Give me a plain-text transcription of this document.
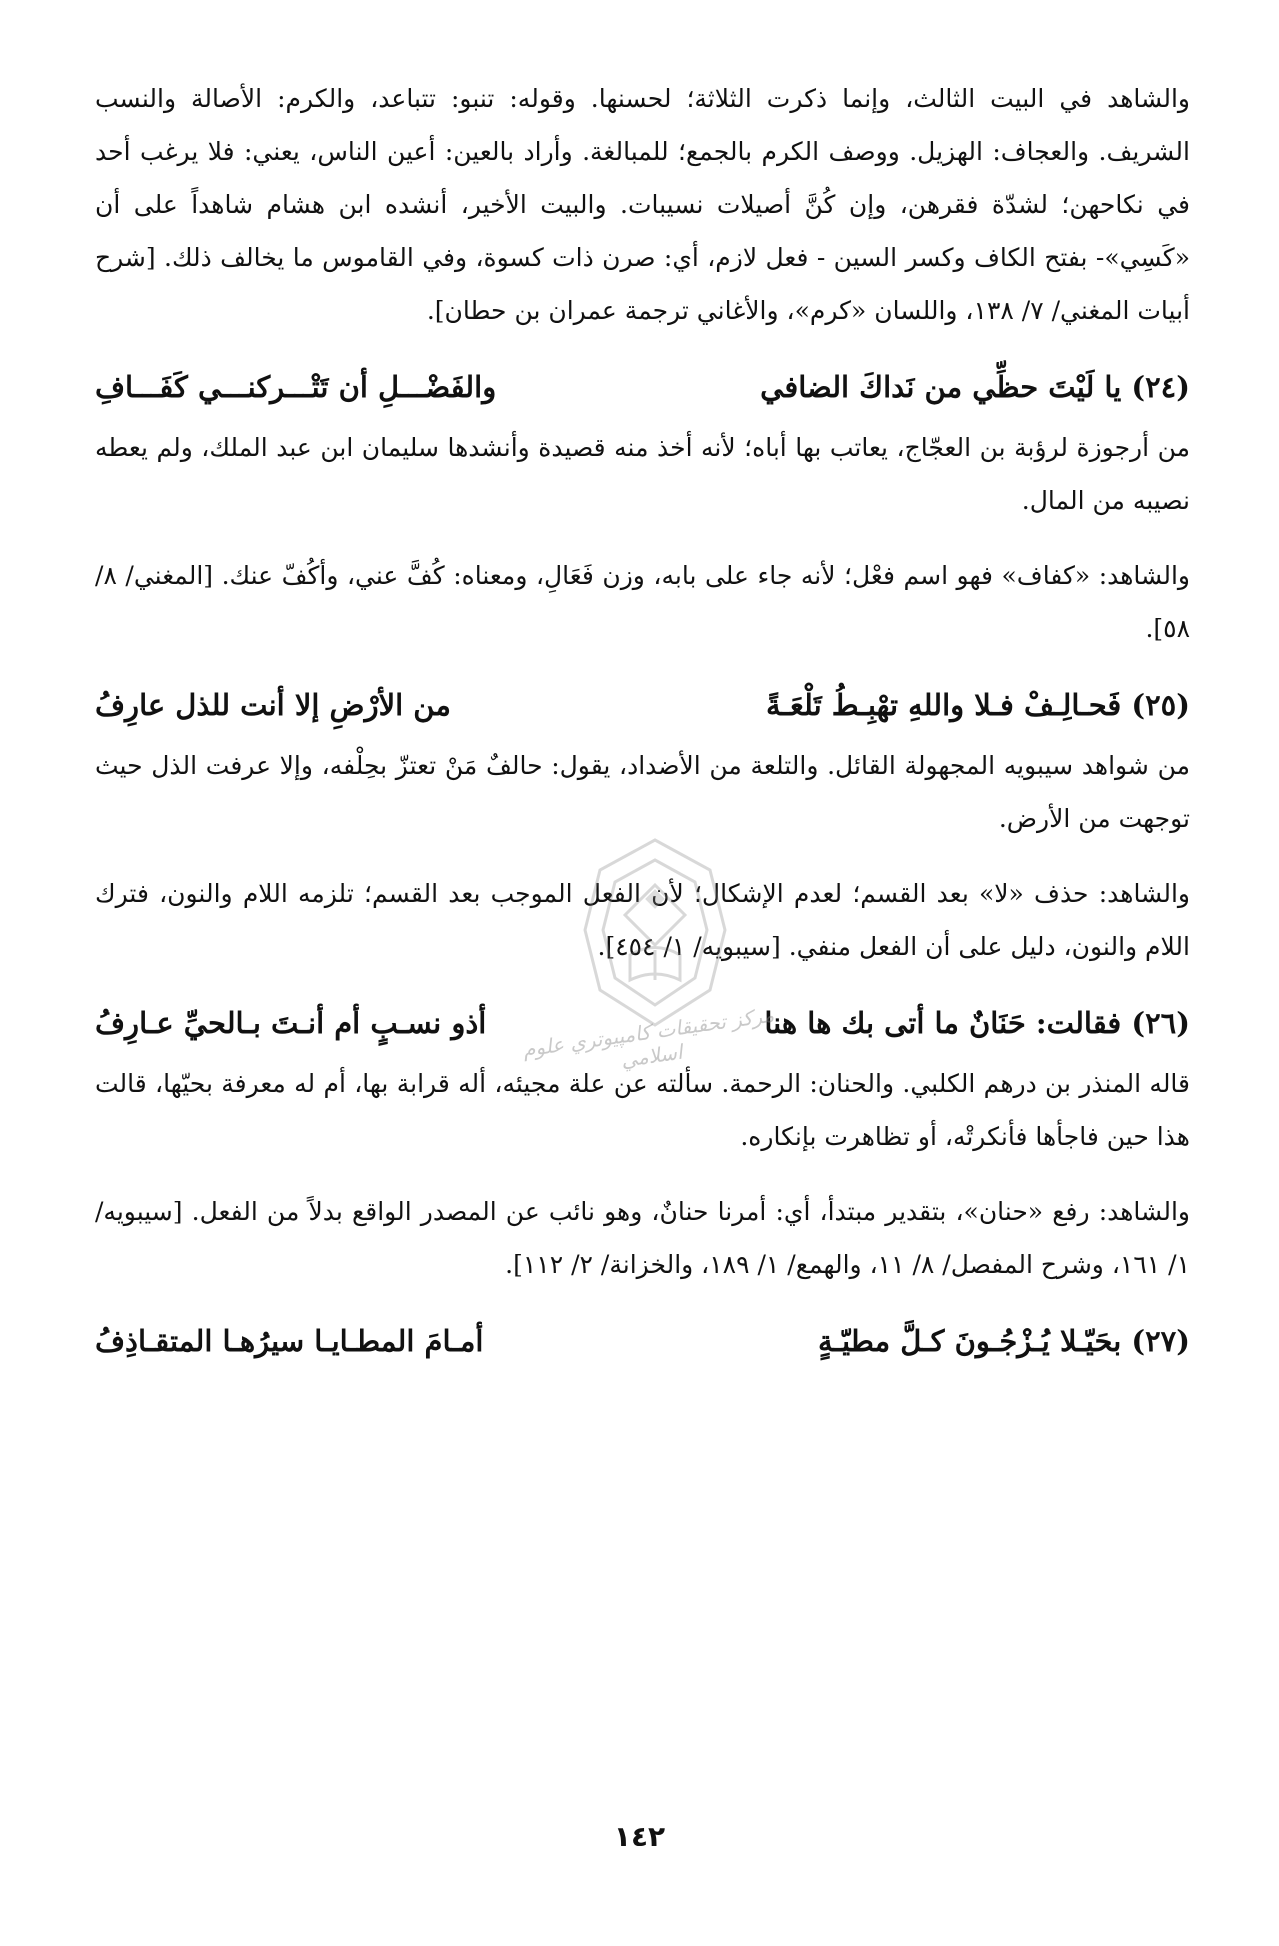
والشاهد في البيت الثالث، وإنما ذكرت الثلاثة؛ لحسنها. وقوله: تنبو: تتباعد، والكرم: الأصالة والنسب الشريف. والعجاف: الهزيل. ووصف الكرم بالجمع؛ للمبالغة. وأراد بالعين: أعين الناس، يعني: فلا يرغب أحد في نكاحهن؛ لشدّة فقرهن، وإن كُنَّ أصيلات نسيبات. والبيت الأخير، أنشده ابن هشام شاهداً على أن «كَسِي»- بفتح الكاف وكسر السين - فعل لازم، أي: صرن ذات كسوة، وفي القاموس ما يخالف ذلك. [شرح أبيات المغني/ ٧/ ١٣٨، واللسان «كرم»، والأغاني ترجمة عمران بن حطان].

(٢٤) يا لَيْتَ حظِّي من نَداكَ الضافي
والفَضْـــلِ أن تَتْـــركنـــي كَفَـــافِ

من أرجوزة لرؤبة بن العجّاج، يعاتب بها أباه؛ لأنه أخذ منه قصيدة وأنشدها سليمان ابن عبد الملك، ولم يعطه نصيبه من المال.

والشاهد: «كفاف» فهو اسم فعْل؛ لأنه جاء على بابه، وزن فَعَالِ، ومعناه: كُفَّ عني، وأكُفّ عنك. [المغني/ ٨/ ٥٨].

(٢٥) فَحـالِـفْ فـلا واللهِ تهْبِـطُ تَلْعَـةً
من الأرْضِ إلا أنت للذل عارِفُ

من شواهد سيبويه المجهولة القائل. والتلعة من الأضداد، يقول: حالفٌ مَنْ تعتزّ بحِلْفه، وإلا عرفت الذل حيث توجهت من الأرض.

والشاهد: حذف «لا» بعد القسم؛ لعدم الإشكال؛ لأن الفعل الموجب بعد القسم؛ تلزمه اللام والنون، فترك اللام والنون، دليل على أن الفعل منفي. [سيبويه/ ١/ ٤٥٤].

(٢٦) فقالت: حَنَانٌ ما أتى بك ها هنا
أذو نسـبٍ أم أنـتَ بـالحيِّ عـارِفُ

قاله المنذر بن درهم الكلبي. والحنان: الرحمة. سألته عن علة مجيئه، أله قرابة بها، أم له معرفة بحيّها، قالت هذا حين فاجأها فأنكرتْه، أو تظاهرت بإنكاره.

والشاهد: رفع «حنان»، بتقدير مبتدأ، أي: أمرنا حنانٌ، وهو نائب عن المصدر الواقع بدلاً من الفعل. [سيبويه/ ١/ ١٦١، وشرح المفصل/ ٨/ ١١، والهمع/ ١/ ١٨٩، والخزانة/ ٢/ ١١٢].

(٢٧) بحَيّـلا يُـزْجُـونَ كـلَّ مطيّـةٍ
أمـامَ المطـايـا سيرُهـا المتقـاذِفُ
مركز تحقيقات كامپيوتري علوم اسلامي
١٤٢
